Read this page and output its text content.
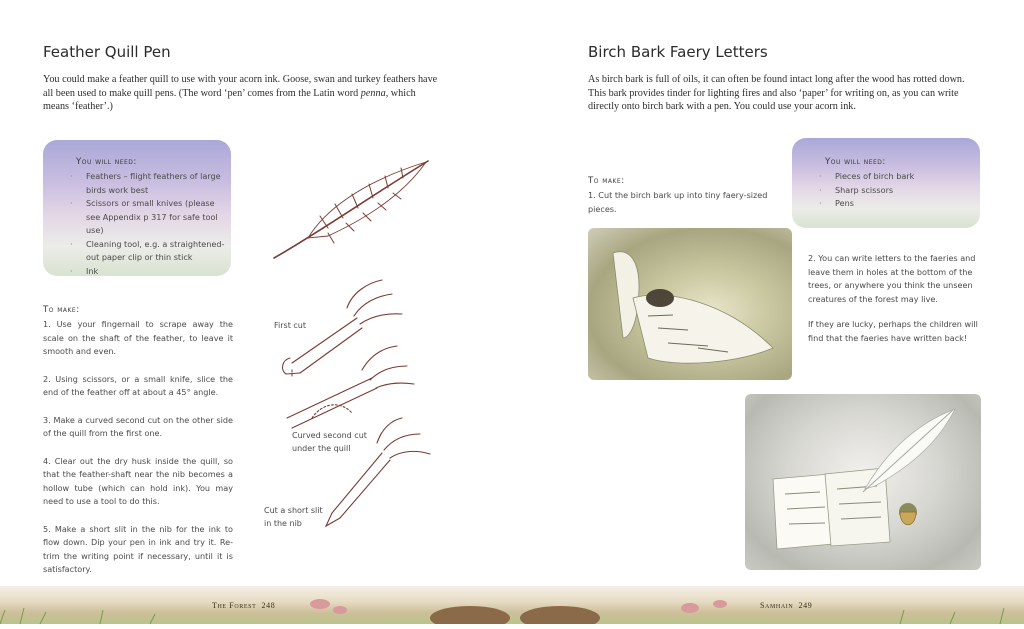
Feather Quill Pen
You could make a feather quill to use with your acorn ink. Goose, swan and turkey feathers have all been used to make quill pens. (The word ‘pen’ comes from the Latin word penna, which means ‘feather’.)
You will need:
· Feathers – flight feathers of large birds work best
· Scissors or small knives (please see Appendix p 317 for safe tool use)
· Cleaning tool, e.g. a straightened-out paper clip or thin stick
· Ink
First cut
Curved second cut
under the quill
Cut a short slit
in the nib
To make:

1. Use your fingernail to scrape away the scale on the shaft of the feather, to leave it smooth and even.

2. Using scissors, or a small knife, slice the end of the feather off at about a 45° angle.

3. Make a curved second cut on the other side of the quill from the first one.

4. Clear out the dry husk inside the quill, so that the feather-shaft near the nib becomes a hollow tube (which can hold ink). You may need to use a tool to do this.

5. Make a short slit in the nib for the ink to flow down. Dip your pen in ink and try it. Re-trim the writing point if necessary, until it is satisfactory.

Birch Bark Faery Letters
As birch bark is full of oils, it can often be found intact long after the wood has rotted down. This bark provides tinder for lighting fires and also ‘paper’ for writing on, as you can write directly onto birch bark with a pen. You could use your acorn ink.
You will need:
· Pieces of birch bark
· Sharp scissors
· Pens
To make:
1. Cut the birch bark up into tiny faery-sized pieces.
2. You can write letters to the faeries and leave them in holes at the bottom of the trees, or anywhere you think the unseen creatures of the forest may live.
If they are lucky, perhaps the children will find that the faeries have written back!
The Forest 248	Samhain 249
